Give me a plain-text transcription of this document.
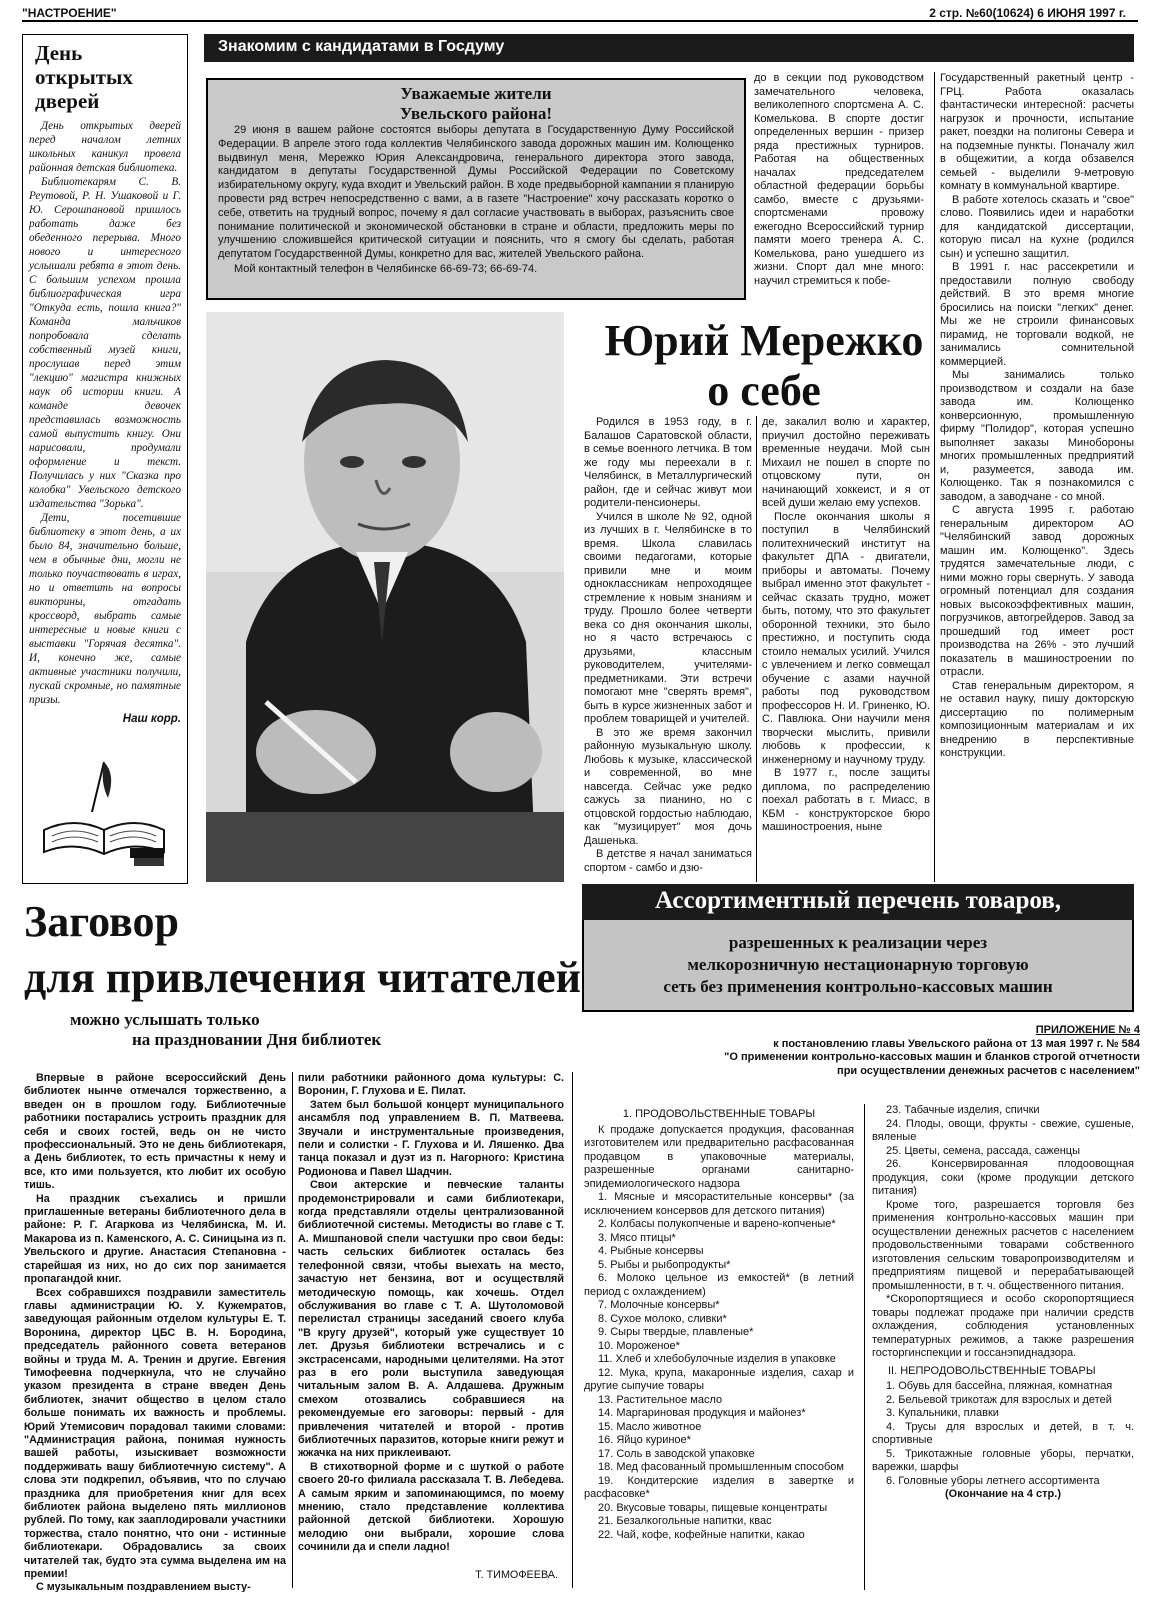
"НАСТРОЕНИЕ"	2 стр. №60(10624) 6 ИЮНЯ 1997 г.
День открытых дверей

День открытых дверей перед началом летних школьных каникул провела районная детская библиотека.

Библиотекарям С. В. Реутовой, Р. Н. Ушаковой и Г. Ю. Серошпановой пришлось работать даже без обеденного перерыва. Много нового и интересного услышали ребята в этот день. С большим успехом прошла библиографическая игра "Откуда есть, пошла книга?" Команда мальчиков попробовала сделать собственный музей книги, прослушав перед этим "лекцию" магистра книжных наук об истории книги. А команде девочек представилась возможность самой выпустить книгу. Они нарисовали, продумали оформление и текст. Получилась у них "Сказка про колобка" Увельского детского издательства "Зорька".

Дети, посетившие библиотеку в этот день, а их было 84, значительно больше, чем в обычные дни, могли не только поучаствовать в играх, но и ответить на вопросы викторины, отгадать кроссворд, выбрать самые интересные и новые книги с выставки "Горячая десятка". И, конечно же, самые активные участники получили, пускай скромные, но памятные призы.

Наш корр.
Знакомим с кандидатами в Госдуму
Уважаемые жители
Увельского района!

29 июня в вашем районе состоятся выборы депутата в Государственную Думу Российской Федерации. В апреле этого года коллектив Челябинского завода дорожных машин им. Колющенко выдвинул меня, Мережко Юрия Александровича, генерального директора этого завода, кандидатом в депутаты Государственной Думы Российской Федерации по Советскому избирательному округу, куда входит и Увельский район. В ходе предвыборной кампании я планирую провести ряд встреч непосредственно с вами, а в газете "Настроение" хочу рассказать коротко о себе, ответить на трудный вопрос, почему я дал согласие участвовать в выборах, разъяснить свое понимание политической и экономической обстановки в стране и области, предложить меры по улучшению сложившейся критической ситуации и пояснить, что я смогу бы сделать, работая депутатом Государственной Думы, конкретно для вас, жителей Увельского района.

Мой контактный телефон в Челябинске 66-69-73; 66-69-74.

до в секции под руководством замечательного человека, великолепного спортсмена А. С. Комелькова. В спорте достиг определенных вершин - призер ряда престижных турниров. Работая на общественных началах председателем областной федерации борьбы самбо, вместе с друзьями-спортсменами провожу ежегодно Всероссийский турнир памяти моего тренера А. С. Комелькова, рано ушедшего из жизни. Спорт дал мне много: научил стремиться к побе-

Государственный ракетный центр - ГРЦ. Работа оказалась фантастически интересной: расчеты нагрузок и прочности, испытание ракет, поездки на полигоны Севера и на подземные пункты. Поначалу жил в общежитии, а когда обзавелся семьей - выделили 9-метровую комнату в коммунальной квартире.

В работе хотелось сказать и "свое" слово. Появились идеи и наработки для кандидатской диссертации, которую писал на кухне (родился сын) и успешно защитил.

В 1991 г. нас рассекретили и предоставили полную свободу действий. В это время многие бросились на поиски "легких" денег. Мы же не строили финансовых пирамид, не торговали водкой, не занимались сомнительной коммерцией.

Мы занимались только производством и создали на базе завода им. Колющенко конверсионную, промышленную фирму "Полидор", которая успешно выполняет заказы Минобороны многих промышленных предприятий и, разумеется, завода им. Колющенко. Так я познакомился с заводом, а заводчане - со мной.

С августа 1995 г. работаю генеральным директором АО "Челябинский завод дорожных машин им. Колющенко". Здесь трудятся замечательные люди, с ними можно горы свернуть. У завода огромный потенциал для создания новых высокоэффективных машин, погрузчиков, автогрейдеров. Завод за прошедший год имеет рост производства на 26% - это лучший показатель в машиностроении по отрасли.

Став генеральным директором, я не оставил науку, пишу докторскую диссертацию по полимерным композиционным материалам и их внедрению в перспективные конструкции.

Юрий Мережко
о себе

Родился в 1953 году, в г. Балашов Саратовской области, в семье военного летчика. В том же году мы переехали в г. Челябинск, в Металлургический район, где и сейчас живут мои родители-пенсионеры.

Учился в школе № 92, одной из лучших в г. Челябинске в то время. Школа славилась своими педагогами, которые привили мне и моим одноклассникам непроходящее стремление к новым знаниям и труду. Прошло более четверти века со дня окончания школы, но я часто встречаюсь с друзьями, классным руководителем, учителями-предметниками. Эти встречи помогают мне "сверять время", быть в курсе жизненных забот и проблем товарищей и учителей.

В это же время закончил районную музыкальную школу. Любовь к музыке, классической и современной, во мне навсегда. Сейчас уже редко сажусь за пианино, но с отцовской гордостью наблюдаю, как "музицирует" моя дочь Дашенька.

В детстве я начал заниматься спортом - самбо и дзю-

де, закалил волю и характер, приучил достойно переживать временные неудачи. Мой сын Михаил не пошел в спорте по отцовскому пути, он начинающий хоккеист, и я от всей души желаю ему успехов.

После окончания школы я поступил в Челябинский политехнический институт на факультет ДПА - двигатели, приборы и автоматы. Почему выбрал именно этот факультет - сейчас сказать трудно, может быть, потому, что это факультет оборонной техники, это было престижно, и поступить сюда стоило немалых усилий. Учился с увлечением и легко совмещал обучение с азами научной работы под руководством профессоров Н. И. Гриненко, Ю. С. Павлюка. Они научили меня творчески мыслить, привили любовь к профессии, к инженерному и научному труду.

В 1977 г., после защиты диплома, по распределению поехал работать в г. Миасс, в КБМ - конструкторское бюро машиностроения, ныне

Заговор
для привлечения читателей
можно услышать только
на праздновании Дня библиотек

Впервые в районе всероссийский День библиотек нынче отмечался торжественно, а введен он в прошлом году. Библиотечные работники постарались устроить праздник для себя и своих гостей, ведь он не чисто профессиональный. Это не день библиотекаря, а День библиотек, то есть причастны к нему и все, кто ими пользуется, кто любит их особую тишь.

На праздник съехались и пришли приглашенные ветераны библиотечного дела в районе: Р. Г. Агаркова из Челябинска, М. И. Макарова из п. Каменского, А. С. Синицына из п. Увельского и другие. Анастасия Степановна - старейшая из них, но до сих пор занимается пропагандой книг.

Всех собравшихся поздравили заместитель главы администрации Ю. У. Кужемратов, заведующая районным отделом культуры Е. Т. Воронина, директор ЦБС В. Н. Бородина, председатель районного совета ветеранов войны и труда М. А. Тренин и другие. Евгения Тимофеевна подчеркнула, что не случайно указом президента в стране введен День библиотек, значит общество в целом стало больше понимать их важность и проблемы. Юрий Утемисович порадовал такими словами: "Администрация района, понимая нужность вашей работы, изыскивает возможности поддерживать вашу библиотечную систему". А слова эти подкрепил, объявив, что по случаю праздника для приобретения книг для всех библиотек района выделено пять миллионов рублей. По тому, как зааплодировали участники торжества, стало понятно, что они - истинные библиотекари. Обрадовались за своих читателей так, будто эта сумма выделена им на премии!

С музыкальным поздравлением высту-

пили работники районного дома культуры: С. Воронин, Г. Глухова и Е. Пилат.

Затем был большой концерт муниципального ансамбля под управлением В. П. Матвеева. Звучали и инструментальные произведения, пели и солистки - Г. Глухова и И. Ляшенко. Два танца показал и дуэт из п. Нагорного: Кристина Родионова и Павел Шадчин.

Свои актерские и певческие таланты продемонстрировали и сами библиотекари, когда представляли отделы централизованной библиотечной системы. Методисты во главе с Т. А. Мишпановой спели частушки про свои беды: часть сельских библиотек осталась без телефонной связи, чтобы выехать на место, зачастую нет бензина, вот и осуществляй методическую помощь, как хочешь. Отдел обслуживания во главе с Т. А. Шутоломовой перелистал страницы заседаний своего клуба "В кругу друзей", который уже существует 10 лет. Друзья библиотеки встречались и с экстрасенсами, народными целителями. На этот раз в его роли выступила заведующая читальным залом В. А. Алдашева. Дружным смехом отозвались собравшиеся на рекомендуемые его заговоры: первый - для привлечения читателей и второй - против библиотечных паразитов, которые книги режут и жжачка на них приклеивают.

В стихотворной форме и с шуткой о работе своего 20-го филиала рассказала Т. В. Лебедева. А самым ярким и запоминающимся, по моему мнению, стало представление коллектива районной детской библиотеки. Хорошую мелодию они выбрали, хорошие слова сочинили да и спели ладно!

Т. ТИМОФЕЕВА.
Ассортиментный перечень товаров,
разрешенных к реализации через
мелкорозничную нестационарную торговую
сеть без применения контрольно-кассовых машин
ПРИЛОЖЕНИЕ № 4
к постановлению главы Увельского района от 13 мая 1997 г. № 584
"О применении контрольно-кассовых машин и бланков строгой отчетности
при осуществлении денежных расчетов с населением"

1. ПРОДОВОЛЬСТВЕННЫЕ ТОВАРЫ

К продаже допускается продукция, фасованная изготовителем или предварительно расфасованная продавцом в упаковочные материалы, разрешенные органами санитарно-эпидемиологического надзора

1. Мясные и мясорастительные консервы* (за исключением консервов для детского питания)

2. Колбасы полукопченые и варено-копченые*

3. Мясо птицы*

4. Рыбные консервы

5. Рыбы и рыбопродукты*

6. Молоко цельное из емкостей* (в летний период с охлаждением)

7. Молочные консервы*

8. Сухое молоко, сливки*

9. Сыры твердые, плавленые*

10. Мороженое*

11. Хлеб и хлебобулочные изделия в упаковке

12. Мука, крупа, макаронные изделия, сахар и другие сыпучие товары

13. Растительное масло

14. Маргариновая продукция и майонез*

15. Масло животное

16. Яйцо куриное*

17. Соль в заводской упаковке

18. Мед фасованный промышленным способом

19. Кондитерские изделия в завертке и расфасовке*

20. Вкусовые товары, пищевые концентраты

21. Безалкогольные напитки, квас

22. Чай, кофе, кофейные напитки, какао

23. Табачные изделия, спички

24. Плоды, овощи, фрукты - свежие, сушеные, вяленые

25. Цветы, семена, рассада, саженцы

26. Консервированная плодоовощная продукция, соки (кроме продукции детского питания)

Кроме того, разрешается торговля без применения контрольно-кассовых машин при осуществлении денежных расчетов с населением продовольственными товарами собственного изготовления сельским товаропроизводителям и предприятиям пищевой и перерабатывающей промышленности, в т. ч. общественного питания.

*Скоропортящиеся и особо скоропортящиеся товары подлежат продаже при наличии средств охлаждения, соблюдения установленных температурных режимов, а также разрешения госторгинспекции и госсанэпиднадзора.

II. НЕПРОДОВОЛЬСТВЕННЫЕ ТОВАРЫ

1. Обувь для бассейна, пляжная, комнатная

2. Бельевой трикотаж для взрослых и детей

3. Купальники, плавки

4. Трусы для взрослых и детей, в т. ч. спортивные

5. Трикотажные головные уборы, перчатки, варежки, шарфы

6. Головные уборы летнего ассортимента

(Окончание на 4 стр.)
